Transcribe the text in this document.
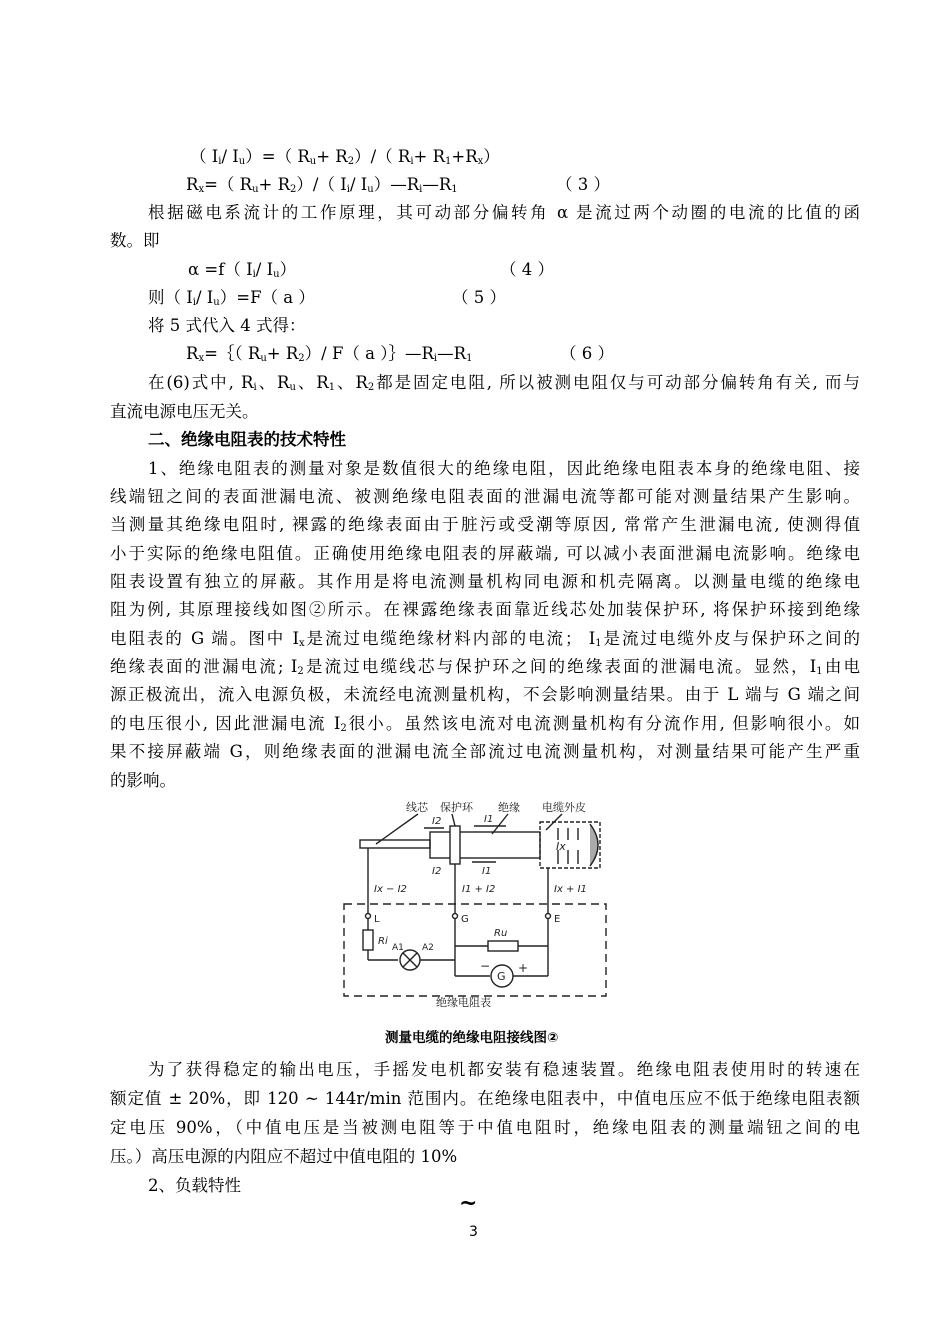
（ $I_i/$ $I_u)=$（ $R_u+ R_2)/$（ $R_i+ R_1+R_x$）
$R_x=$（ $R_u+ R_2)/$（ $I_i/$ $I_u)—R_i—R_1$	（ 3 ）
根据磁电系流计的工作原理，其可动部分偏转角 α 是流过两个动圈的电流的比值的函
数。即
α =f（ $I_i/$ $I_u$）	（ 4 ）
则（ $I_i/$ $I_u)=F$（ a ）	（ 5 ）
将 5 式代入 4 式得：
$R_x=\{$（ $R_u+ R_2)/$ F（ a ）$\}—R_i—R_1$	（ 6 ）
在(6)式中, $R_i$、$R_u$、$R_1$、$R_2$都是固定电阻, 所以被测电阻仅与可动部分偏转角有关, 而与
直流电源电压无关。
二、绝缘电阻表的技术特性
1、绝缘电阻表的测量对象是数值很大的绝缘电阻，因此绝缘电阻表本身的绝缘电阻、接
线端钮之间的表面泄漏电流、被测绝缘电阻表面的泄漏电流等都可能对测量结果产生影响。
当测量其绝缘电阻时, 裸露的绝缘表面由于脏污或受潮等原因, 常常产生泄漏电流, 使测得值
小于实际的绝缘电阻值。正确使用绝缘电阻表的屏蔽端, 可以减小表面泄漏电流影响。绝缘电
阻表设置有独立的屏蔽。其作用是将电流测量机构同电源和机壳隔离。以测量电缆的绝缘电
阻为例, 其原理接线如图②所示。在裸露绝缘表面靠近线芯处加装保护环, 将保护环接到绝缘
电阻表的 G 端。图中 $I_x$是流过电缆绝缘材料内部的电流； $I_1$是流过电缆外皮与保护环之间的
绝缘表面的泄漏电流; $I_2$是流过电缆线芯与保护环之间的绝缘表面的泄漏电流。显然，$I_1$由电
源正极流出，流入电源负极，未流经电流测量机构，不会影响测量结果。由于 L 端与 G 端之间
的电压很小, 因此泄漏电流 $I_2$很小。虽然该电流对电流测量机构有分流作用, 但影响很小。如
果不接屏蔽端 G，则绝缘表面的泄漏电流全部流过电流测量机构，对测量结果可能产生严重
的影响。
线芯 保护环 绝缘 电缆外皮
Ix
I2	I1
I2	I1
Ix − I2	I1 + I2	Ix + I1
L	G	E
Ri
A1 A2
Ru
G
− +
绝缘电阻表
测量电缆的绝缘电阻接线图②
为了获得稳定的输出电压，手摇发电机都安装有稳速装置。绝缘电阻表使用时的转速在
额定值 ± 20%，即 120 ~ 144r/min 范围内。在绝缘电阻表中，中值电压应不低于绝缘电阻表额
定电压 90%，（中值电压是当被测电阻等于中值电阻时，绝缘电阻表的测量端钮之间的电
压。）高压电源的内阻应不超过中值电阻的 10%
2、负载特性
~
3
